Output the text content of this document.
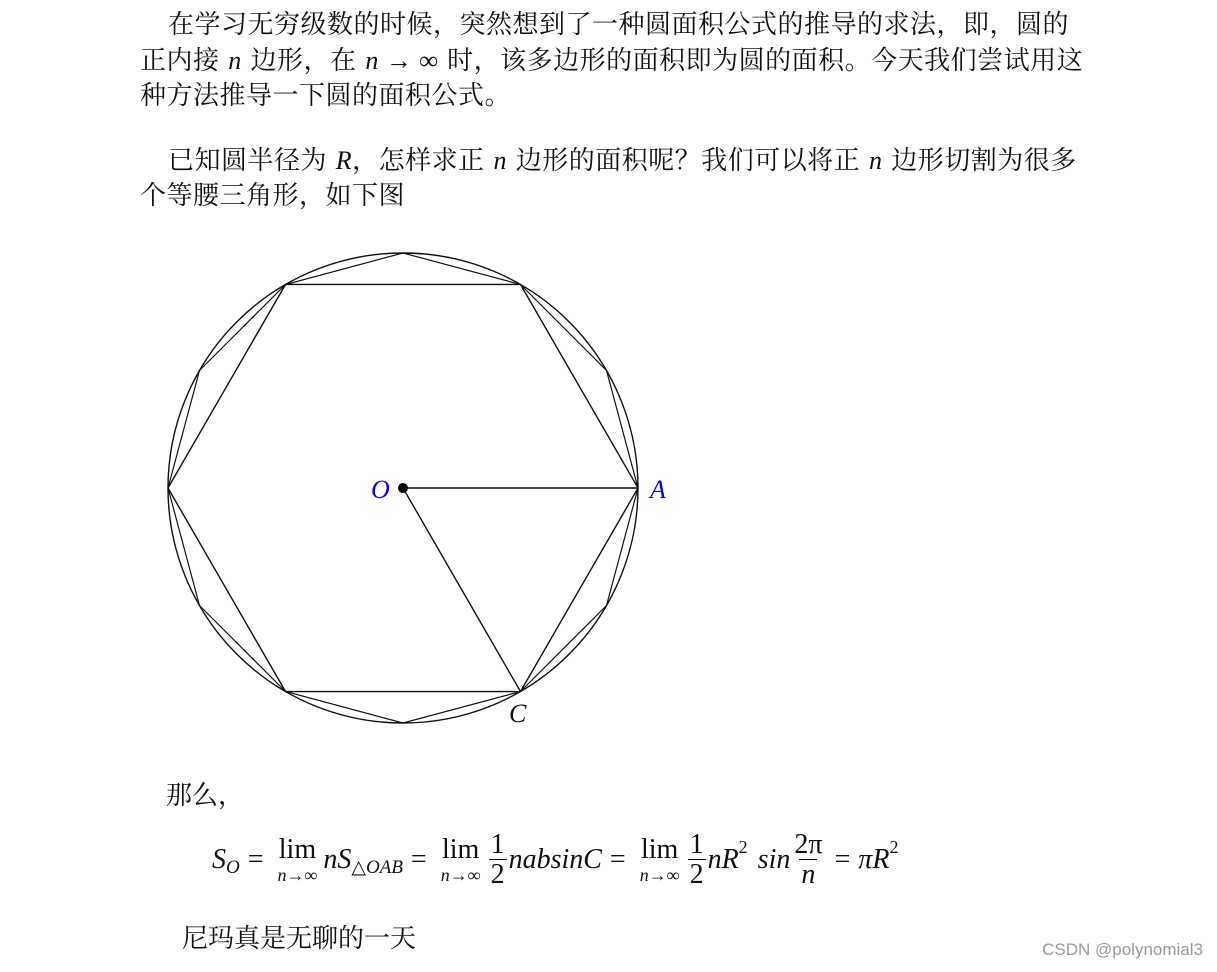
在学习无穷级数的时候，突然想到了一种圆面积公式的推导的求法，即，圆的正内接 n 边形，在 n → ∞ 时，该多边形的面积即为圆的面积。今天我们尝试用这种方法推导一下圆的面积公式。
已知圆半径为 R，怎样求正 n 边形的面积呢？我们可以将正 n 边形切割为很多个等腰三角形，如下图
O	A
C
那么，
S O = lim
n→∞ n S △OAB = lim
$n\to\infty \frac{1}{2}$ nabsinC = lim
$n\to\infty \frac{1}{2}$ nR 2 $\sin \frac{2\pi}{n} = \pi R$ 2
尼玛真是无聊的一天	CSDN @polynomial3
